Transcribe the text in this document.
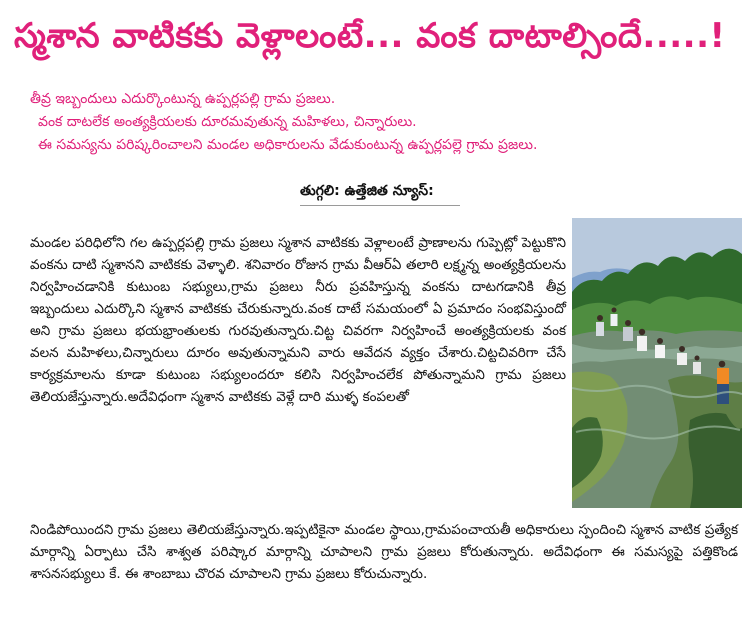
స్మశాన వాటికకు వెళ్లాలంటే... వంక దాటాల్సిందే.....!
తీవ్ర ఇబ్బందులు ఎదుర్కొంటున్న ఉప్పర్లపల్లి గ్రామ ప్రజలు.
వంక దాటలేక అంత్యక్రియలకు దూరమవుతున్న మహిళలు, చిన్నారులు.
ఈ సమస్యను పరిష్కరించాలని మండల అధికారులను వేడుకుంటున్న ఉప్పర్లపల్లె గ్రామ ప్రజలు.
తుగ్గలి: ఉత్తేజిత న్యూస్:
మండల పరిధిలోని గల ఉప్పర్లపల్లి గ్రామ ప్రజలు స్మశాన వాటికకు వెళ్లాలంటే ప్రాణాలను గుప్పెట్లో పెట్టుకొని వంకను దాటి స్మశానని వాటికకు వెళ్ళాలి. శనివారం రోజున గ్రామ వీఆర్ఏ తలారి లక్ష్మన్న అంత్యక్రియలను నిర్వహించడానికి కుటుంబ సభ్యులు,గ్రామ ప్రజలు నీరు ప్రవహిస్తున్న వంకను దాటగడానికి తీవ్ర ఇబ్బందులు ఎదుర్కొని స్మశాన వాటికకు చేరుకున్నారు.వంక దాటే సమయంలో ఏ ప్రమాదం సంభవిస్తుందో అని గ్రామ ప్రజలు భయభ్రాంతులకు గురవుతున్నారు.చిట్ట చివరగా నిర్వహించే అంత్యక్రియలకు వంక వలన మహిళలు,చిన్నారులు దూరం అవుతున్నామని వారు ఆవేదన వ్యక్తం చేశారు.చిట్టచివరిగా చేసే కార్యక్రమాలను కూడా కుటుంబ సభ్యులందరూ కలిసి నిర్వహించలేక పోతున్నామని గ్రామ ప్రజలు తెలియజేస్తున్నారు.అదేవిధంగా స్మశాన వాటికకు వెళ్లే దారి ముళ్ళ కంపలతో
నిండిపోయిందని గ్రామ ప్రజలు తెలియజేస్తున్నారు.ఇప్పటికైనా మండల స్థాయి,గ్రామపంచాయతీ అధికారులు స్పందించి స్మశాన వాటిక ప్రత్యేక మార్గాన్ని ఏర్పాటు చేసి శాశ్వత పరిష్కార మార్గాన్ని చూపాలని గ్రామ ప్రజలు కోరుతున్నారు. అదేవిధంగా ఈ సమస్యపై పత్తికొండ శాసనసభ్యులు కే. ఈ శాంబాబు చొరవ చూపాలని గ్రామ ప్రజలు కోరుచున్నారు.
